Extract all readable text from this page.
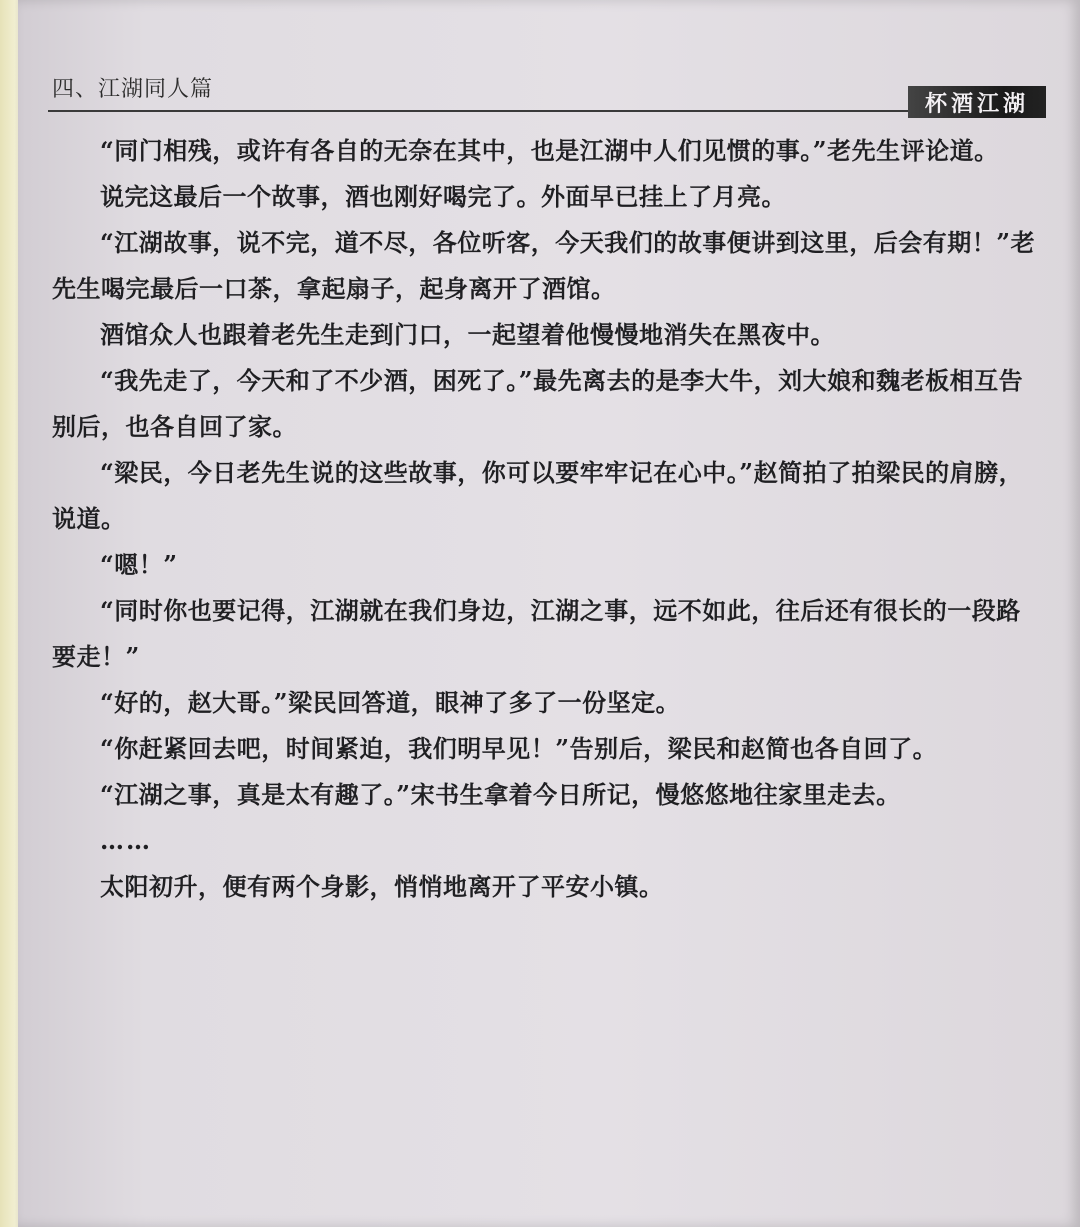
四、江湖同人篇
杯酒江湖

“同门相残，或许有各自的无奈在其中，也是江湖中人们见惯的事。”老先生评论道。

说完这最后一个故事，酒也刚好喝完了。外面早已挂上了月亮。

“江湖故事，说不完，道不尽，各位听客，今天我们的故事便讲到这里，后会有期！”老先生喝完最后一口茶，拿起扇子，起身离开了酒馆。

酒馆众人也跟着老先生走到门口，一起望着他慢慢地消失在黑夜中。

“我先走了，今天和了不少酒，困死了。”最先离去的是李大牛，刘大娘和魏老板相互告别后，也各自回了家。

“梁民，今日老先生说的这些故事，你可以要牢牢记在心中。”赵简拍了拍梁民的肩膀，说道。

“嗯！”

“同时你也要记得，江湖就在我们身边，江湖之事，远不如此，往后还有很长的一段路要走！”

“好的，赵大哥。”梁民回答道，眼神了多了一份坚定。

“你赶紧回去吧，时间紧迫，我们明早见！”告别后，梁民和赵简也各自回了。

“江湖之事，真是太有趣了。”宋书生拿着今日所记，慢悠悠地往家里走去。

……

太阳初升，便有两个身影，悄悄地离开了平安小镇。
